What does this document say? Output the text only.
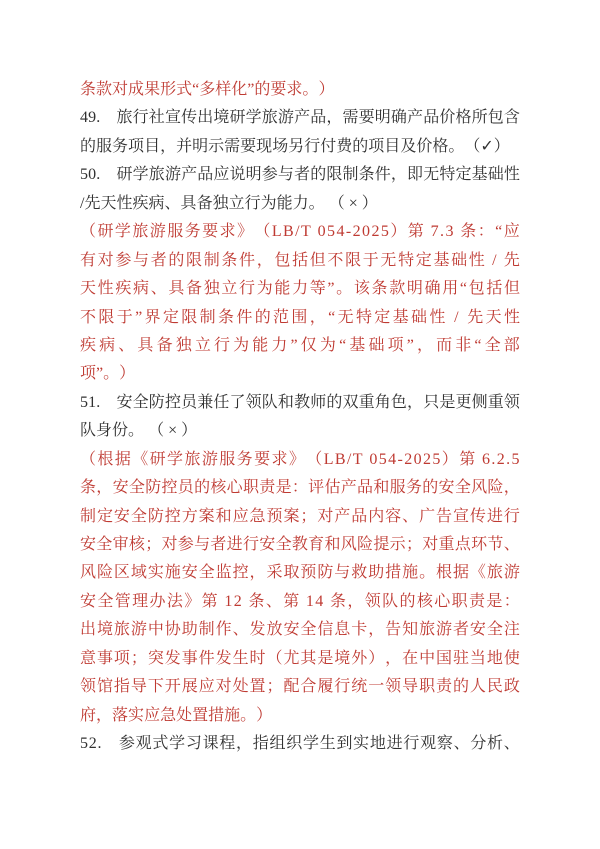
条 款 对 成 果 形 式 “ 多 样 化 ” 的 要 求 。 ）
4 9 .
　 旅 行 社 宣 传 出 境 研 学 旅 游 产 品 ， 需 要 明 确 产 品 价 格 所 包 含
的 服 务 项 目 ， 并 明 示 需 要 现 场 另 行 付 费 的 项 目 及 价 格 。 （ ✓ ）
5 0 .
　 研 学 旅 游 产 品 应 说 明 参 与 者 的 限 制 条 件 ， 即 无 特 定 基 础 性
/ 先 天 性 疾 病 、 具 备 独 立 行 为 能 力 。
（
×
）
（ 研 学 旅 游 服 务 要 求 》 （ L B / T
0 5 4 - 2 0 2 5 ） 第
7 . 3
条 ： “ 应
有 对 参 与 者 的 限 制 条 件 ， 包 括 但 不 限 于 无 特 定 基 础 性
/
先
天 性 疾 病 、 具 备 独 立 行 为 能 力 等 ” 。 该 条 款 明 确 用 “ 包 括 但
不 限 于 ” 界 定 限 制 条 件 的 范 围 ， “ 无 特 定 基 础 性
/
先 天 性
疾 病 、 具 备 独 立 行 为 能 力 ” 仅 为 “ 基 础 项 ” ， 而 非 “ 全 部
项 ” 。 ）
5 1 .
　 安 全 防 控 员 兼 任 了 领 队 和 教 师 的 双 重 角 色 ， 只 是 更 侧 重 领
队 身 份 。
（
×
）
（ 根 据 《 研 学 旅 游 服 务 要 求 》 （ L B / T
0 5 4 - 2 0 2 5 ） 第
6 . 2 . 5
条 ， 安 全 防 控 员 的 核 心 职 责 是 ： 评 估 产 品 和 服 务 的 安 全 风 险 ，
制 定 安 全 防 控 方 案 和 应 急 预 案 ； 对 产 品 内 容 、 广 告 宣 传 进 行
安 全 审 核 ； 对 参 与 者 进 行 安 全 教 育 和 风 险 提 示 ； 对 重 点 环 节 、
风 险 区 域 实 施 安 全 监 控 ， 采 取 预 防 与 救 助 措 施 。 根 据 《 旅 游
安 全 管 理 办 法 》 第
1 2
条 、 第
1 4
条 ， 领 队 的 核 心 职 责 是 ：
出 境 旅 游 中 协 助 制 作 、 发 放 安 全 信 息 卡 ， 告 知 旅 游 者 安 全 注
意 事 项 ； 突 发 事 件 发 生 时 （ 尤 其 是 境 外 ） ， 在 中 国 驻 当 地 使
领 馆 指 导 下 开 展 应 对 处 置 ； 配 合 履 行 统 一 领 导 职 责 的 人 民 政
府 ， 落 实 应 急 处 置 措 施 。 ）
5 2 .
　 参 观 式 学 习 课 程 ， 指 组 织 学 生 到 实 地 进 行 观 察 、 分 析 、
